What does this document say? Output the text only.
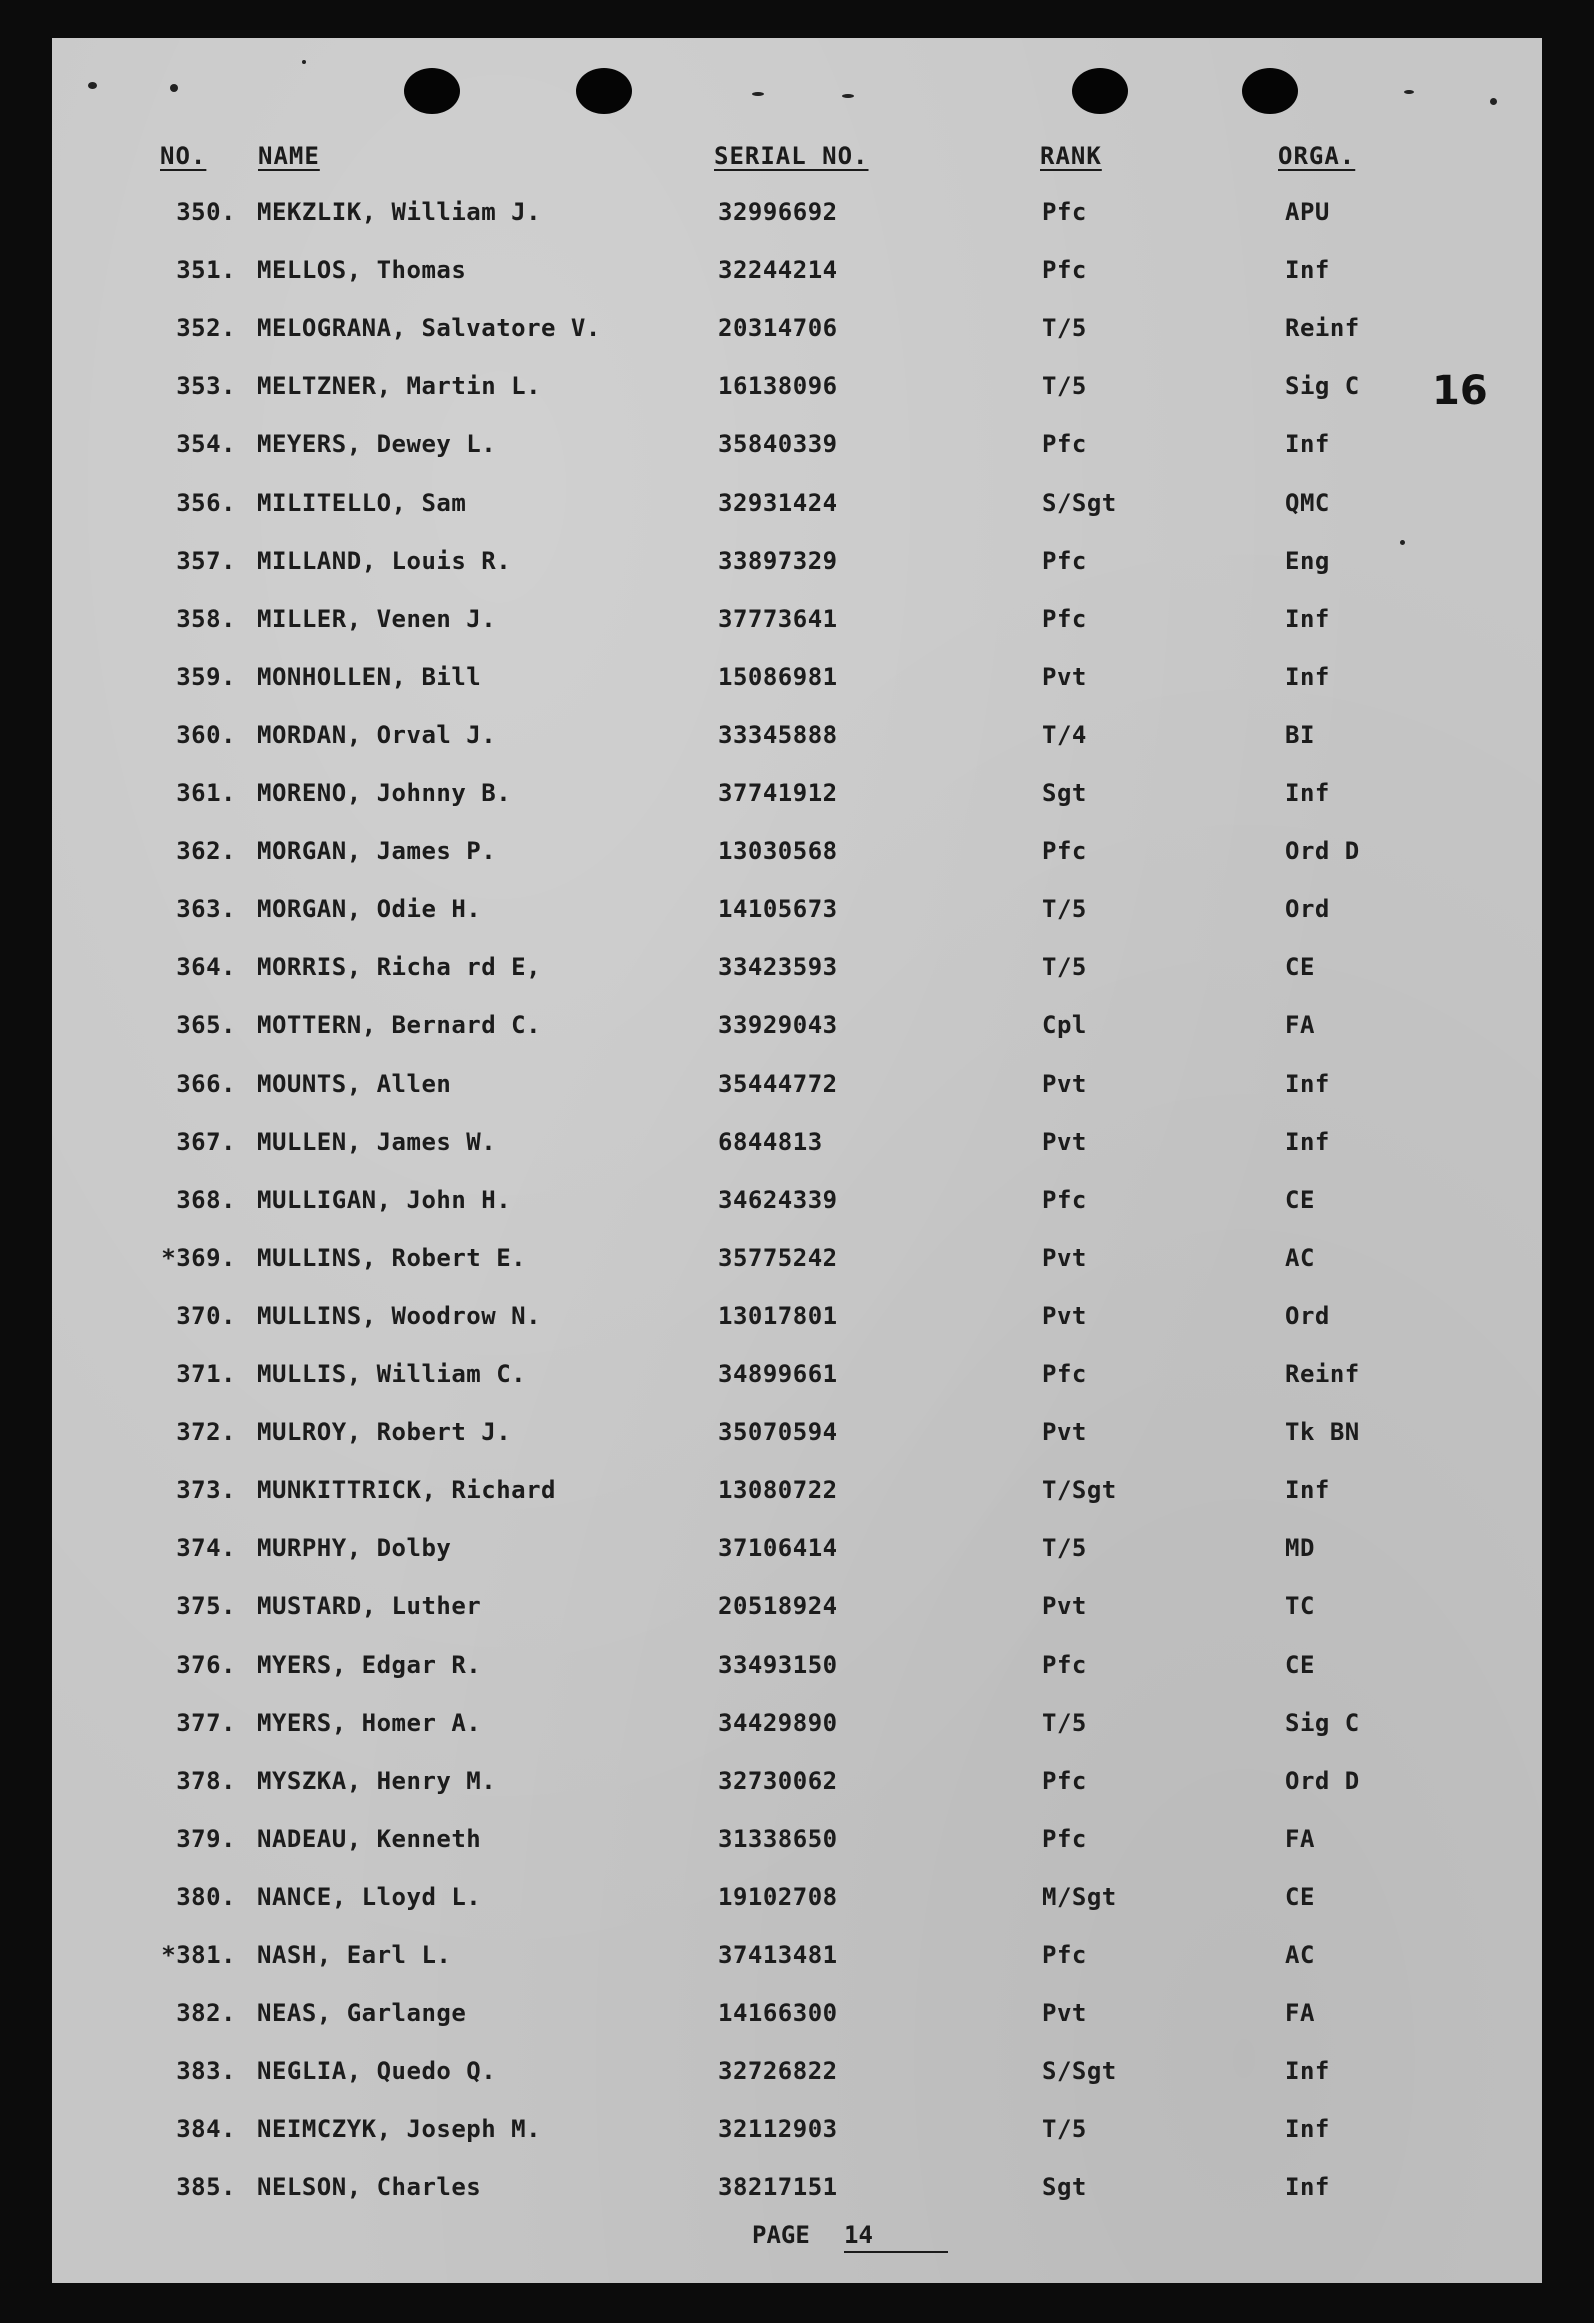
NO. NAME	SERIAL NO.	RANK	ORGA.
16
350. MEKZLIK, William J.	32996692	Pfc	APU
351. MELLOS, Thomas	32244214	Pfc	Inf
352. MELOGRANA, Salvatore V.	20314706	T/5	Reinf
353. MELTZNER, Martin L.	16138096	T/5	Sig C
354. MEYERS, Dewey L.	35840339	Pfc	Inf
356. MILITELLO, Sam	32931424	S/Sgt	QMC
357. MILLAND, Louis R.	33897329	Pfc	Eng
358. MILLER, Venen J.	37773641	Pfc	Inf
359. MONHOLLEN, Bill	15086981	Pvt	Inf
360. MORDAN, Orval J.	33345888	T/4	BI
361. MORENO, Johnny B.	37741912	Sgt	Inf
362. MORGAN, James P.	13030568	Pfc	Ord D
363. MORGAN, Odie H.	14105673	T/5	Ord
364. MORRIS, Richa rd E,	33423593	T/5	CE
365. MOTTERN, Bernard C.	33929043	Cpl	FA
366. MOUNTS, Allen	35444772	Pvt	Inf
367. MULLEN, James W.	6844813	Pvt	Inf
368. MULLIGAN, John H.	34624339	Pfc	CE
*369. MULLINS, Robert E.	35775242	Pvt	AC
370. MULLINS, Woodrow N.	13017801	Pvt	Ord
371. MULLIS, William C.	34899661	Pfc	Reinf
372. MULROY, Robert J.	35070594	Pvt	Tk BN
373. MUNKITTRICK, Richard	13080722	T/Sgt	Inf
374. MURPHY, Dolby	37106414	T/5	MD
375. MUSTARD, Luther	20518924	Pvt	TC
376. MYERS, Edgar R.	33493150	Pfc	CE
377. MYERS, Homer A.	34429890	T/5	Sig C
378. MYSZKA, Henry M.	32730062	Pfc	Ord D
379. NADEAU, Kenneth	31338650	Pfc	FA
380. NANCE, Lloyd L.	19102708	M/Sgt	CE
*381. NASH, Earl L.	37413481	Pfc	AC
382. NEAS, Garlange	14166300	Pvt	FA
383. NEGLIA, Quedo Q.	32726822	S/Sgt	Inf
384. NEIMCZYK, Joseph M.	32112903	T/5	Inf
385. NELSON, Charles	38217151	Sgt	Inf
PAGE 14
